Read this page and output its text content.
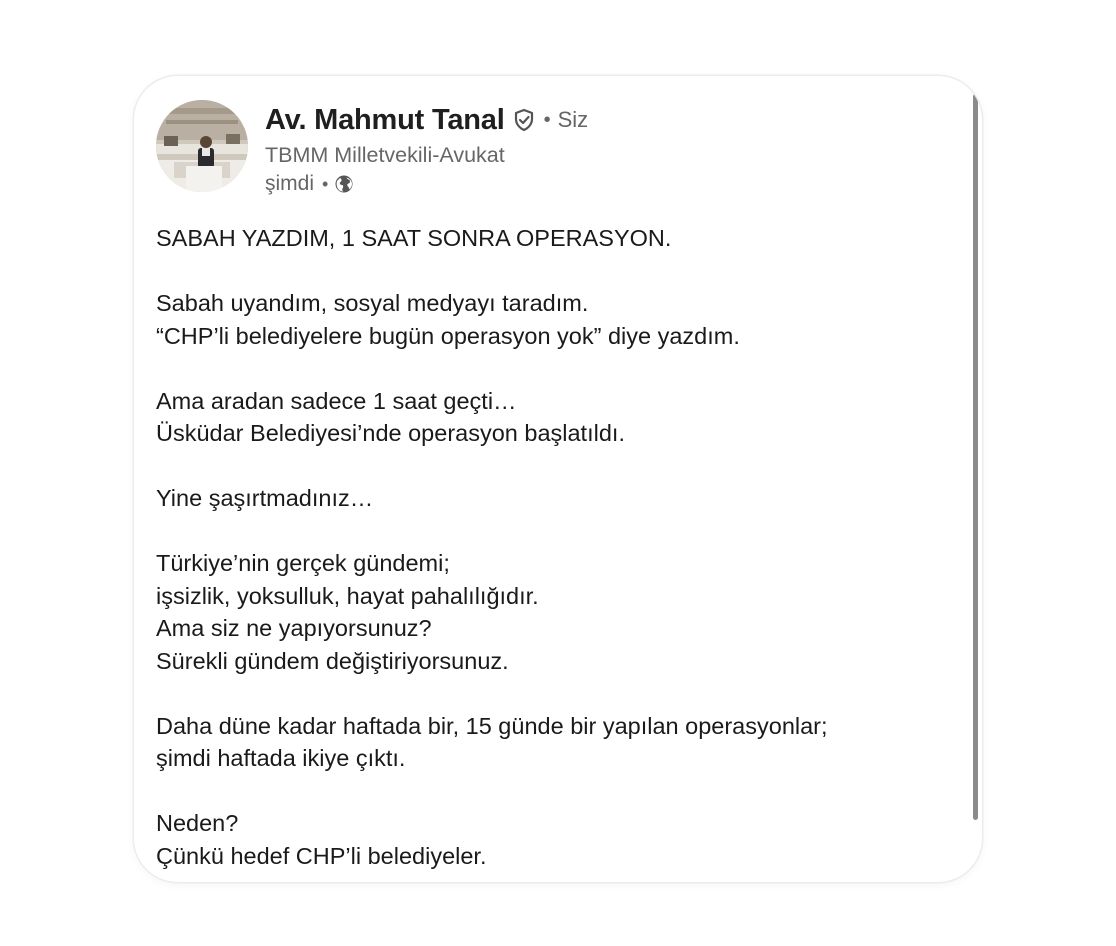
Av. Mahmut Tanal • Siz
TBMM Milletvekili-Avukat
şimdi •

SABAH YAZDIM, 1 SAAT SONRA OPERASYON.

Sabah uyandım, sosyal medyayı taradım.
“CHP’li belediyelere bugün operasyon yok” diye yazdım.

Ama aradan sadece 1 saat geçti…
Üsküdar Belediyesi’nde operasyon başlatıldı.

Yine şaşırtmadınız…

Türkiye’nin gerçek gündemi;
işsizlik, yoksulluk, hayat pahalılığıdır.
Ama siz ne yapıyorsunuz?
Sürekli gündem değiştiriyorsunuz.

Daha düne kadar haftada bir, 15 günde bir yapılan operasyonlar;
şimdi haftada ikiye çıktı.

Neden?
Çünkü hedef CHP’li belediyeler.
